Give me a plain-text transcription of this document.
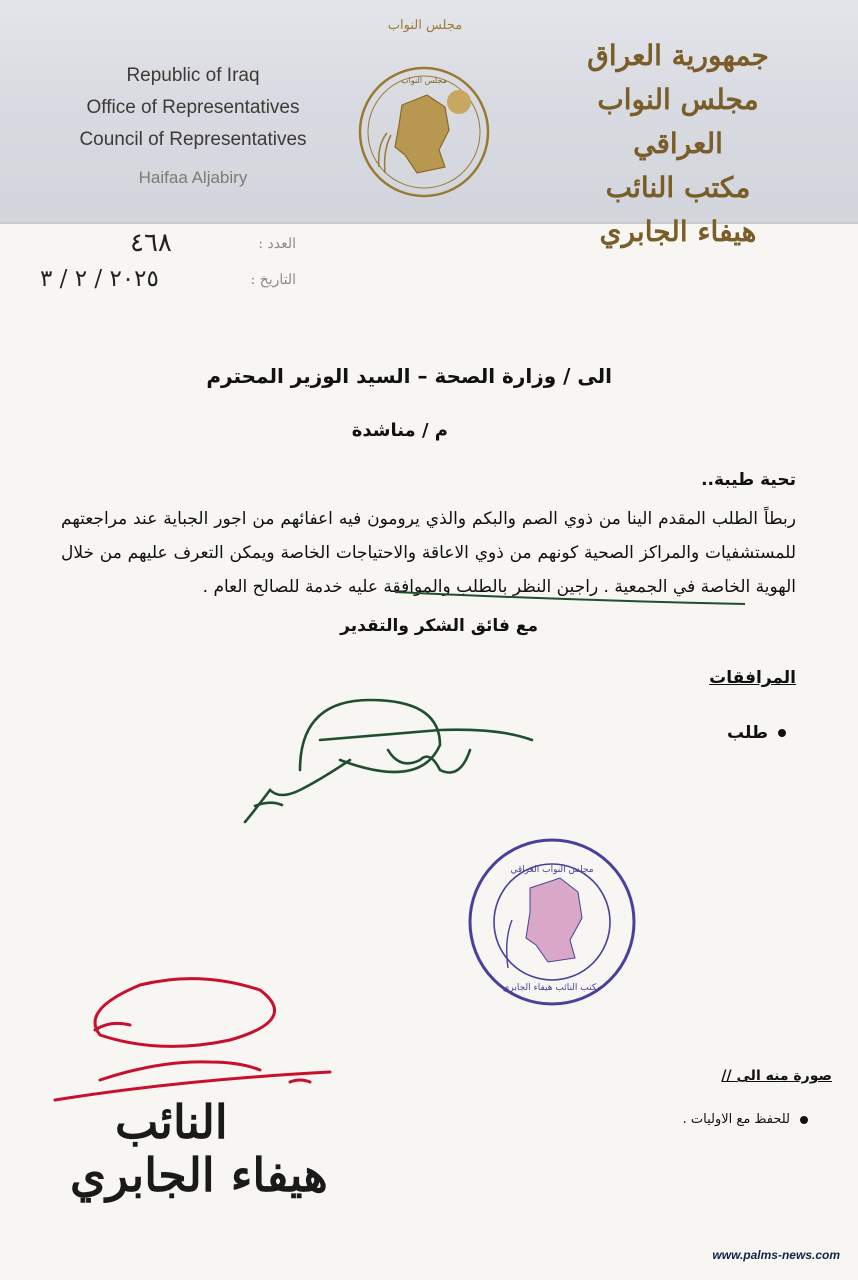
Republic of Iraq
Office of Representatives
Council of Representatives
Haifaa Aljabiry
مجلس النواب
مجلس النواب
جمهورية العراق
مجلس النواب العراقي
مكتب النائب
هيفاء الجابري
٤٦٨	العدد :
٢٠٢٥ / ٢ / ٣	التاريخ :
الى / وزارة الصحة – السيد الوزير المحترم
م / مناشدة
تحية طيبة..
ربطاً الطلب المقدم الينا من ذوي الصم والبكم والذي يرومون فيه اعفائهم من اجور الجباية عند مراجعتهم للمستشفيات والمراكز الصحية كونهم من ذوي الاعاقة والاحتياجات الخاصة ويمكن التعرف عليهم من خلال الهوية الخاصة في الجمعية . راجين النظر بالطلب والموافقة عليه خدمة للصالح العام .
مع فائق الشكر والتقدير
المرافقات
طلب
مجلس النواب العراقي
مكتب النائب هيفاء الجابري
النائب
هيفاء الجابري
صورة منه الى //
للحفظ مع الاوليات .
www.palms-news.com
